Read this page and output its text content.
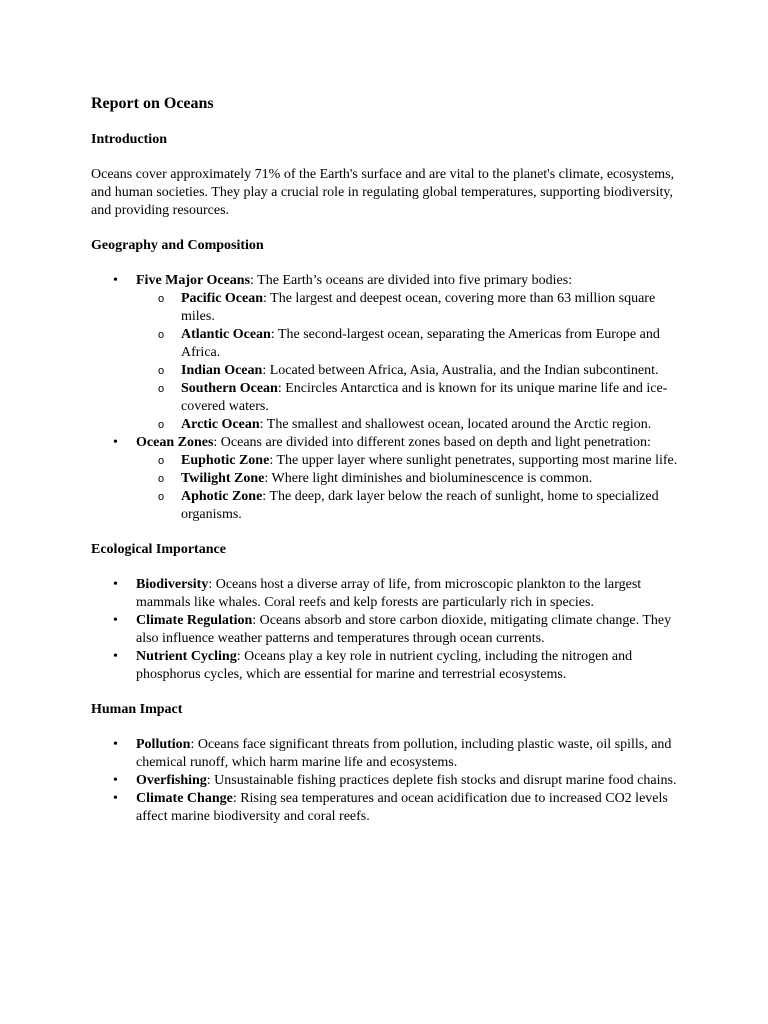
Report on Oceans
Introduction

Oceans cover approximately 71% of the Earth's surface and are vital to the planet's climate, ecosystems, and human societies. They play a crucial role in regulating global temperatures, supporting biodiversity, and providing resources.

Geography and Composition
• Five Major Oceans: The Earth’s oceans are divided into five primary bodies:
o Pacific Ocean: The largest and deepest ocean, covering more than 63 million square miles.
o Atlantic Ocean: The second-largest ocean, separating the Americas from Europe and Africa.
o Indian Ocean: Located between Africa, Asia, Australia, and the Indian subcontinent.
o Southern Ocean: Encircles Antarctica and is known for its unique marine life and ice-covered waters.
o Arctic Ocean: The smallest and shallowest ocean, located around the Arctic region.
• Ocean Zones: Oceans are divided into different zones based on depth and light penetration:
o Euphotic Zone: The upper layer where sunlight penetrates, supporting most marine life.
o Twilight Zone: Where light diminishes and bioluminescence is common.
o Aphotic Zone: The deep, dark layer below the reach of sunlight, home to specialized organisms.
Ecological Importance
• Biodiversity: Oceans host a diverse array of life, from microscopic plankton to the largest mammals like whales. Coral reefs and kelp forests are particularly rich in species.
• Climate Regulation: Oceans absorb and store carbon dioxide, mitigating climate change. They also influence weather patterns and temperatures through ocean currents.
• Nutrient Cycling: Oceans play a key role in nutrient cycling, including the nitrogen and phosphorus cycles, which are essential for marine and terrestrial ecosystems.
Human Impact
• Pollution: Oceans face significant threats from pollution, including plastic waste, oil spills, and chemical runoff, which harm marine life and ecosystems.
• Overfishing: Unsustainable fishing practices deplete fish stocks and disrupt marine food chains.
• Climate Change: Rising sea temperatures and ocean acidification due to increased CO2 levels affect marine biodiversity and coral reefs.
